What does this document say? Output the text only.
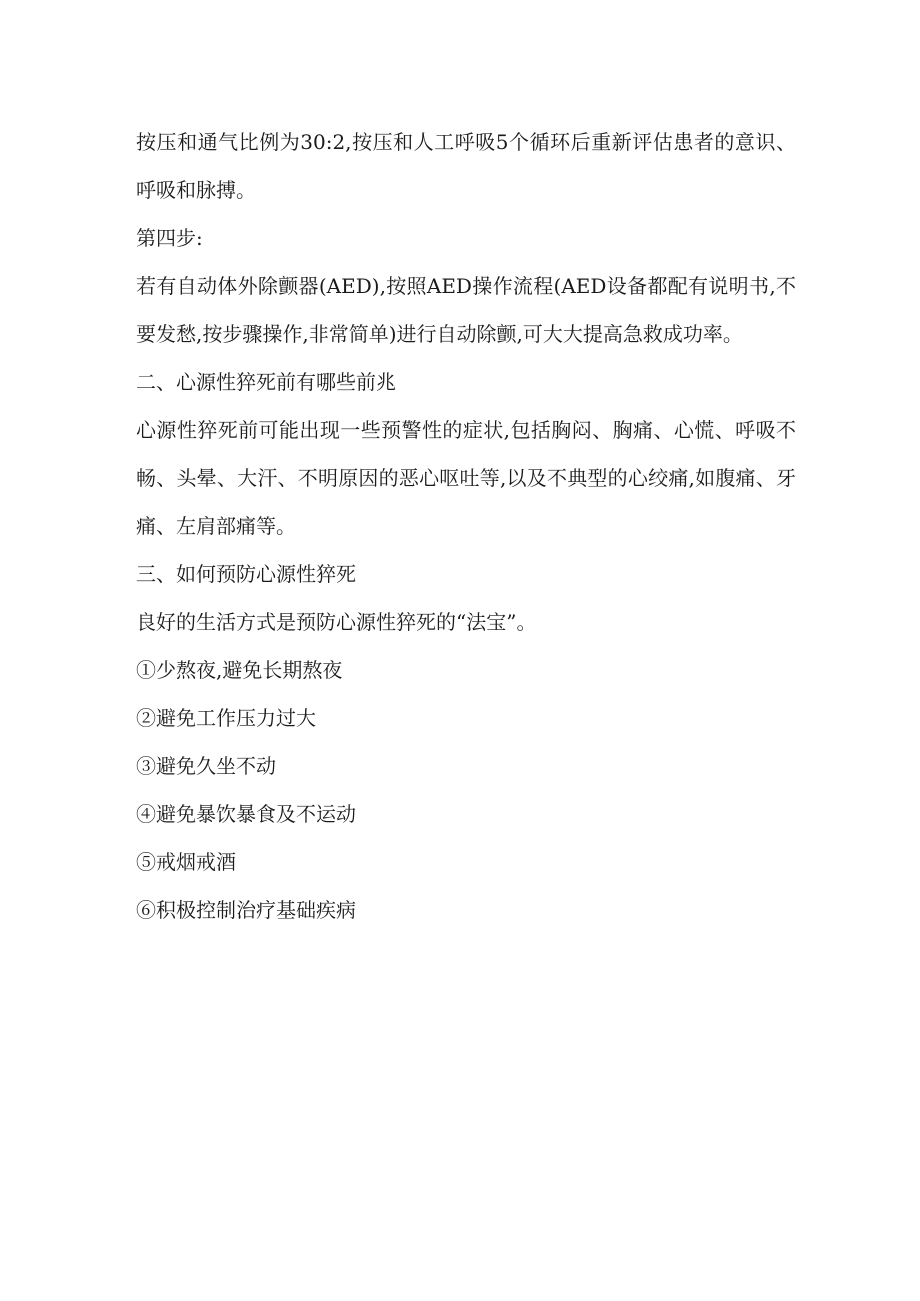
按压和通气比例为30:2,按压和人工呼吸5个循环后重新评估患者的意识、呼吸和脉搏。

第四步:

若有自动体外除颤器(AED),按照AED操作流程(AED设备都配有说明书,不要发愁,按步骤操作,非常简单)进行自动除颤,可大大提高急救成功率。

二、心源性猝死前有哪些前兆

心源性猝死前可能出现一些预警性的症状,包括胸闷、胸痛、心慌、呼吸不畅、头晕、大汗、不明原因的恶心呕吐等,以及不典型的心绞痛,如腹痛、牙痛、左肩部痛等。

三、如何预防心源性猝死

良好的生活方式是预防心源性猝死的“法宝”。

①少熬夜,避免长期熬夜
②避免工作压力过大
③避免久坐不动
④避免暴饮暴食及不运动
⑤戒烟戒酒
⑥积极控制治疗基础疾病
